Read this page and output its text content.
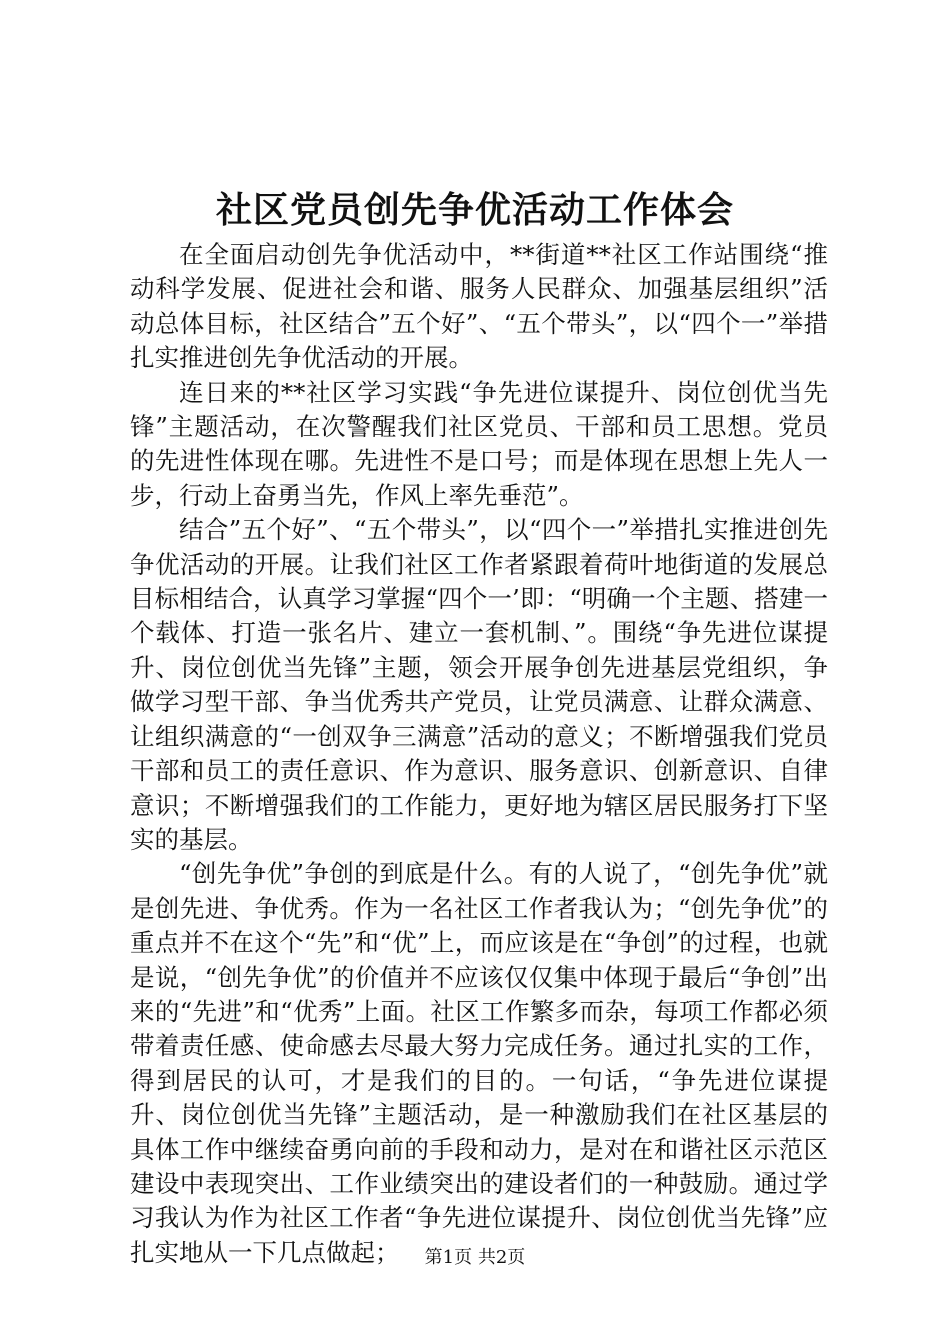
社区党员创先争优活动工作体会

在全面启动创先争优活动中，**街道**社区工作站围绕“推动科学发展、促进社会和谐、服务人民群众、加强基层组织”活动总体目标，社区结合”五个好”、“五个带头”，以“四个一”举措扎实推进创先争优活动的开展。

连日来的**社区学习实践“争先进位谋提升、岗位创优当先锋”主题活动，在次警醒我们社区党员、干部和员工思想。党员的先进性体现在哪。先进性不是口号；而是体现在思想上先人一步，行动上奋勇当先，作风上率先垂范”。

结合”五个好”、“五个带头”，以“四个一”举措扎实推进创先争优活动的开展。让我们社区工作者紧跟着荷叶地街道的发展总目标相结合，认真学习掌握“四个一’即：“明确一个主题、搭建一个载体、打造一张名片、建立一套机制、”。围绕“争先进位谋提升、岗位创优当先锋”主题，领会开展争创先进基层党组织，争做学习型干部、争当优秀共产党员，让党员满意、让群众满意、让组织满意的“一创双争三满意”活动的意义；不断增强我们党员干部和员工的责任意识、作为意识、服务意识、创新意识、自律意识；不断增强我们的工作能力，更好地为辖区居民服务打下坚实的基层。

“创先争优”争创的到底是什么。有的人说了，“创先争优”就是创先进、争优秀。作为一名社区工作者我认为；“创先争优”的重点并不在这个“先”和“优”上，而应该是在“争创”的过程，也就是说，“创先争优”的价值并不应该仅仅集中体现于最后“争创”出来的“先进”和“优秀”上面。社区工作繁多而杂，每项工作都必须带着责任感、使命感去尽最大努力完成任务。通过扎实的工作，得到居民的认可，才是我们的目的。一句话，“争先进位谋提升、岗位创优当先锋”主题活动，是一种激励我们在社区基层的具体工作中继续奋勇向前的手段和动力，是对在和谐社区示范区建设中表现突出、工作业绩突出的建设者们的一种鼓励。通过学习我认为作为社区工作者“争先进位谋提升、岗位创优当先锋”应扎实地从一下几点做起；	第1页 共2页
